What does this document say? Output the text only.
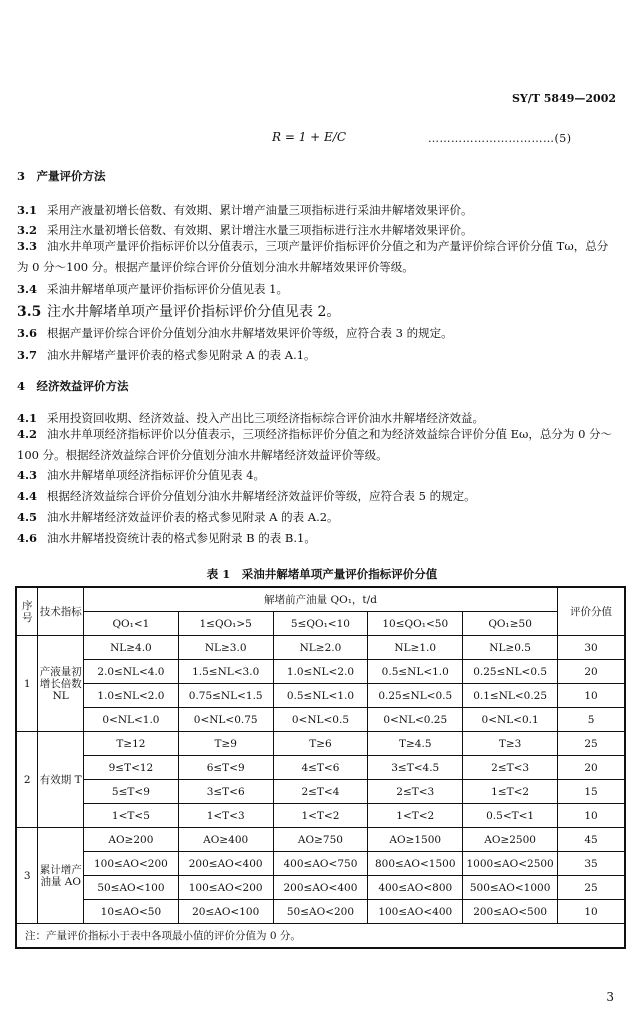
SY/T 5849—2002
R = 1 + E/C	……………………………(5)
3　产量评价方法
3.1 采用产液量初增长倍数、有效期、累计增产油量三项指标进行采油井解堵效果评价。
3.2 采用注水量初增长倍数、有效期、累计增注水量三项指标进行注水井解堵效果评价。
3.3 油水井单项产量评价指标评价以分值表示，三项产量评价指标评价分值之和为产量评价综合评价分值 Tω，总分为 0 分～100 分。根据产量评价综合评价分值划分油水井解堵效果评价等级。
3.4 采油井解堵单项产量评价指标评价分值见表 1。
3.5 注水井解堵单项产量评价指标评价分值见表 2。
3.6 根据产量评价综合评价分值划分油水井解堵效果评价等级，应符合表 3 的规定。
3.7 油水井解堵产量评价表的格式参见附录 A 的表 A.1。
4　经济效益评价方法
4.1 采用投资回收期、经济效益、投入产出比三项经济指标综合评价油水井解堵经济效益。
4.2 油水井单项经济指标评价以分值表示，三项经济指标评价分值之和为经济效益综合评价分值 Eω，总分为 0 分～100 分。根据经济效益综合评价分值划分油水井解堵经济效益评价等级。
4.3 油水井解堵单项经济指标评价分值见表 4。
4.4 根据经济效益综合评价分值划分油水井解堵经济效益评价等级，应符合表 5 的规定。
4.5 油水井解堵经济效益评价表的格式参见附录 A 的表 A.2。
4.6 油水井解堵投资统计表的格式参见附录 B 的表 B.1。
表 1　采油井解堵单项产量评价指标评价分值
序号	技术指标	解堵前产油量 QO₁，t/d					评价分值
		QO₁<1	1≤QO₁>5	5≤QO₁<10	10≤QO₁<50	QO₁≥50	
1	产液量初增长倍数 NL	NL≥4.0	NL≥3.0	NL≥2.0	NL≥1.0	NL≥0.5	30
		2.0≤NL<4.0	1.5≤NL<3.0	1.0≤NL<2.0	0.5≤NL<1.0	0.25≤NL<0.5	20
		1.0≤NL<2.0	0.75≤NL<1.5	0.5≤NL<1.0	0.25≤NL<0.5	0.1≤NL<0.25	10
		0<NL<1.0	0<NL<0.75	0<NL<0.5	0<NL<0.25	0<NL<0.1	5
2	有效期 T	T≥12	T≥9	T≥6	T≥4.5	T≥3	25
		9≤T<12	6≤T<9	4≤T<6	3≤T<4.5	2≤T<3	20
		5≤T<9	3≤T<6	2≤T<4	2≤T<3	1≤T<2	15
		1<T<5	1<T<3	1<T<2	1<T<2	0.5<T<1	10
3	累计增产油量 AO	AO≥200	AO≥400	AO≥750	AO≥1500	AO≥2500	45
		100≤AO<200	200≤AO<400	400≤AO<750	800≤AO<1500	1000≤AO<2500	35
		50≤AO<100	100≤AO<200	200≤AO<400	400≤AO<800	500≤AO<1000	25
		10≤AO<50	20≤AO<100	50≤AO<200	100≤AO<400	200≤AO<500	10
注：产量评价指标小于表中各项最小值的评价分值为 0 分。							
3
